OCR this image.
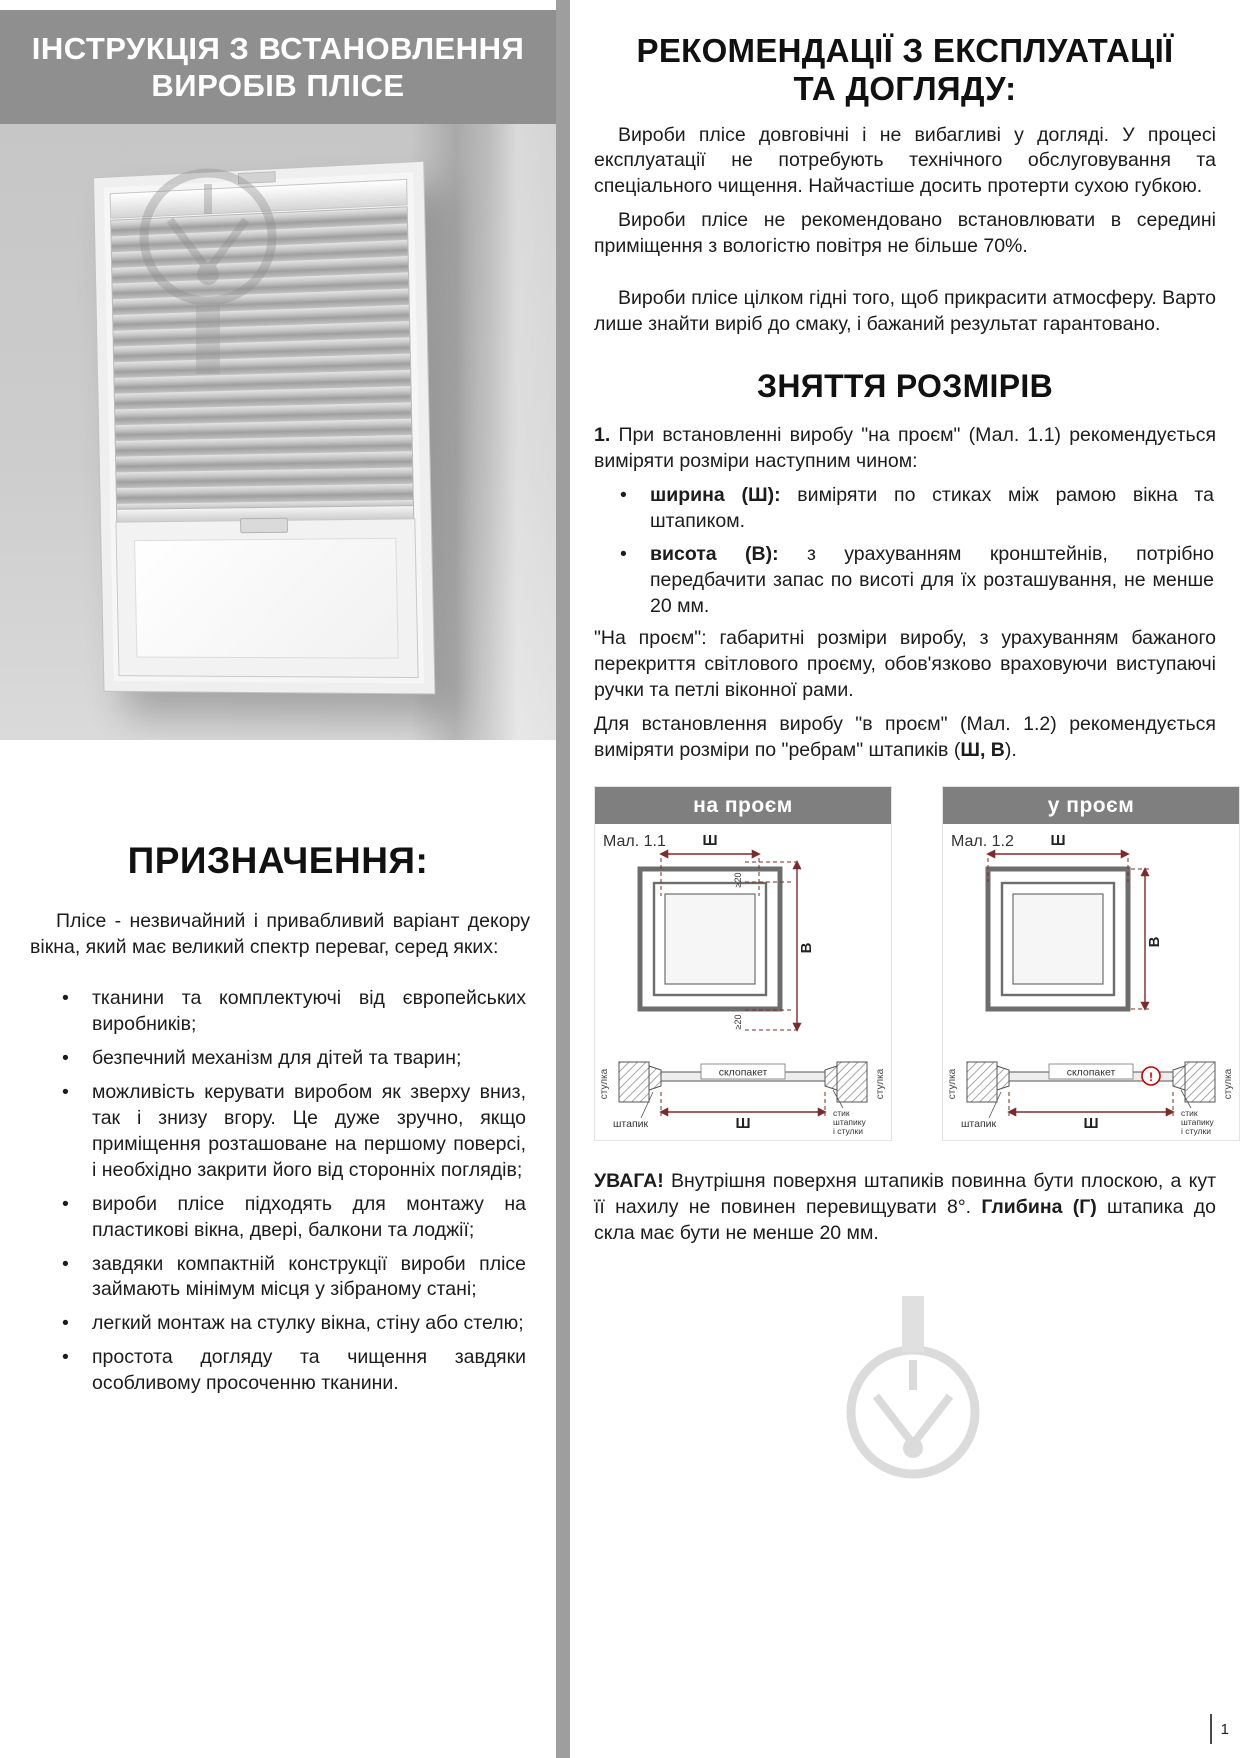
ІНСТРУКЦІЯ З ВСТАНОВЛЕННЯ
ВИРОБІВ ПЛІСЕ
ПРИЗНАЧЕННЯ:

Плісе - незвичайний і привабливий варіант декору вікна, який має великий спектр переваг, серед яких:

• тканини та комплектуючі від європейських виробників;
• безпечний механізм для дітей та тварин;
• можливість керувати виробом як зверху вниз, так і знизу вгору. Це дуже зручно, якщо приміщення розташоване на першому поверсі, і необхідно закрити його від сторонніх поглядів;
• вироби плісе підходять для монтажу на пластикові вікна, двері, балкони та лоджії;
• завдяки компактній конструкції вироби плісе займають мінімум місця у зібраному стані;
• легкий монтаж на стулку вікна, стіну або стелю;
• простота догляду та чищення завдяки особливому просоченню тканини.
РЕКОМЕНДАЦІЇ З ЕКСПЛУАТАЦІЇ
ТА ДОГЛЯДУ:

Вироби плісе довговічні і не вибагливі у догляді. У процесі експлуатації не потребують технічного обслуговування та спеціального чищення. Найчастіше досить протерти сухою губкою.

Вироби плісе не рекомендовано встановлювати в середині приміщення з вологістю повітря не більше 70%.

Вироби плісе цілком гідні того, щоб прикрасити атмосферу. Варто лише знайти виріб до смаку, і бажаний результат гарантовано.

ЗНЯТТЯ РОЗМІРІВ

1. При встановленні виробу "на проєм" (Мал. 1.1) рекомендується виміряти розміри наступним чином:

• ширина (Ш): виміряти по стиках між рамою вікна та штапиком.
• висота (В): з урахуванням кронштейнів, потрібно передбачити запас по висоті для їх розташування, не менше 20 мм.

"На проєм": габаритні розміри виробу, з урахуванням бажаного перекриття світлового проєму, обов'язково враховуючи виступаючі ручки та петлі віконної рами.

Для встановлення виробу "в проєм" (Мал. 1.2) рекомендується виміряти розміри по "ребрам" штапиків (Ш, В).

на проєм
Мал. 1.1 Ш
В
≥20
≥20
стулка	стулка
склопакет
штапик	Ш
стик
штапику
і стулки
у проєм
Мал. 1.2 Ш
В
стулка	стулка
склопакет	!
штапик	Ш
стик
штапику
і стулки

УВАГА! Внутрішня поверхня штапиків повинна бути плоскою, а кут її нахилу не повинен перевищувати 8°. Глибина (Г) штапика до скла має бути не менше 20 мм.

1
